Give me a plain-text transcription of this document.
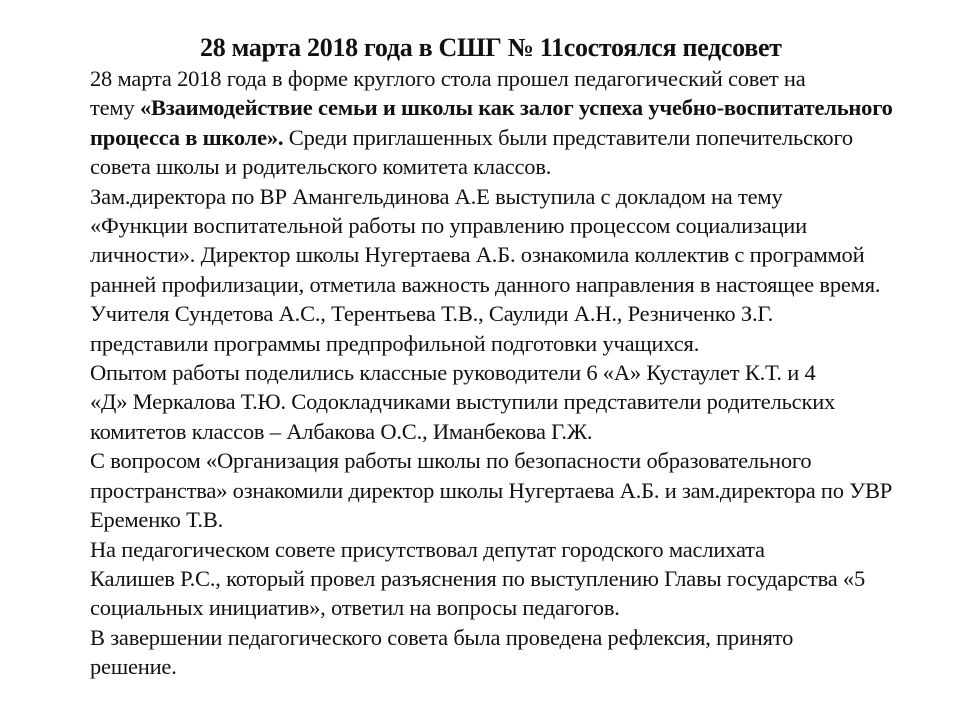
28 марта 2018 года в СШГ № 11состоялся педсовет

28 марта 2018 года в форме круглого стола прошел педагогический совет на
тему «Взаимодействие семьи и школы как залог успеха учебно-воспитательного
процесса в школе». Среди приглашенных были представители попечительского
совета школы и родительского комитета классов.

Зам.директора по ВР Амангельдинова А.Е выступила с докладом на тему
«Функции воспитательной работы по управлению процессом социализации
личности». Директор школы Нугертаева А.Б. ознакомила коллектив с программой
ранней профилизации, отметила важность данного направления в настоящее время.
Учителя Сундетова А.С., Терентьева Т.В., Саулиди А.Н., Резниченко З.Г.
представили программы предпрофильной подготовки учащихся.

Опытом работы поделились классные руководители 6 «А» Кустаулет К.Т. и 4
«Д» Меркалова Т.Ю. Содокладчиками выступили представители родительских
комитетов классов – Албакова О.С., Иманбекова Г.Ж.

С вопросом «Организация работы школы по безопасности образовательного
пространства» ознакомили директор школы Нугертаева А.Б. и зам.директора по УВР
Еременко Т.В.

На педагогическом совете присутствовал депутат городского маслихата
Калишев Р.С., который провел разъяснения по выступлению Главы государства «5
социальных инициатив», ответил на вопросы педагогов.

В завершении педагогического совета была проведена рефлексия, принято
решение.
